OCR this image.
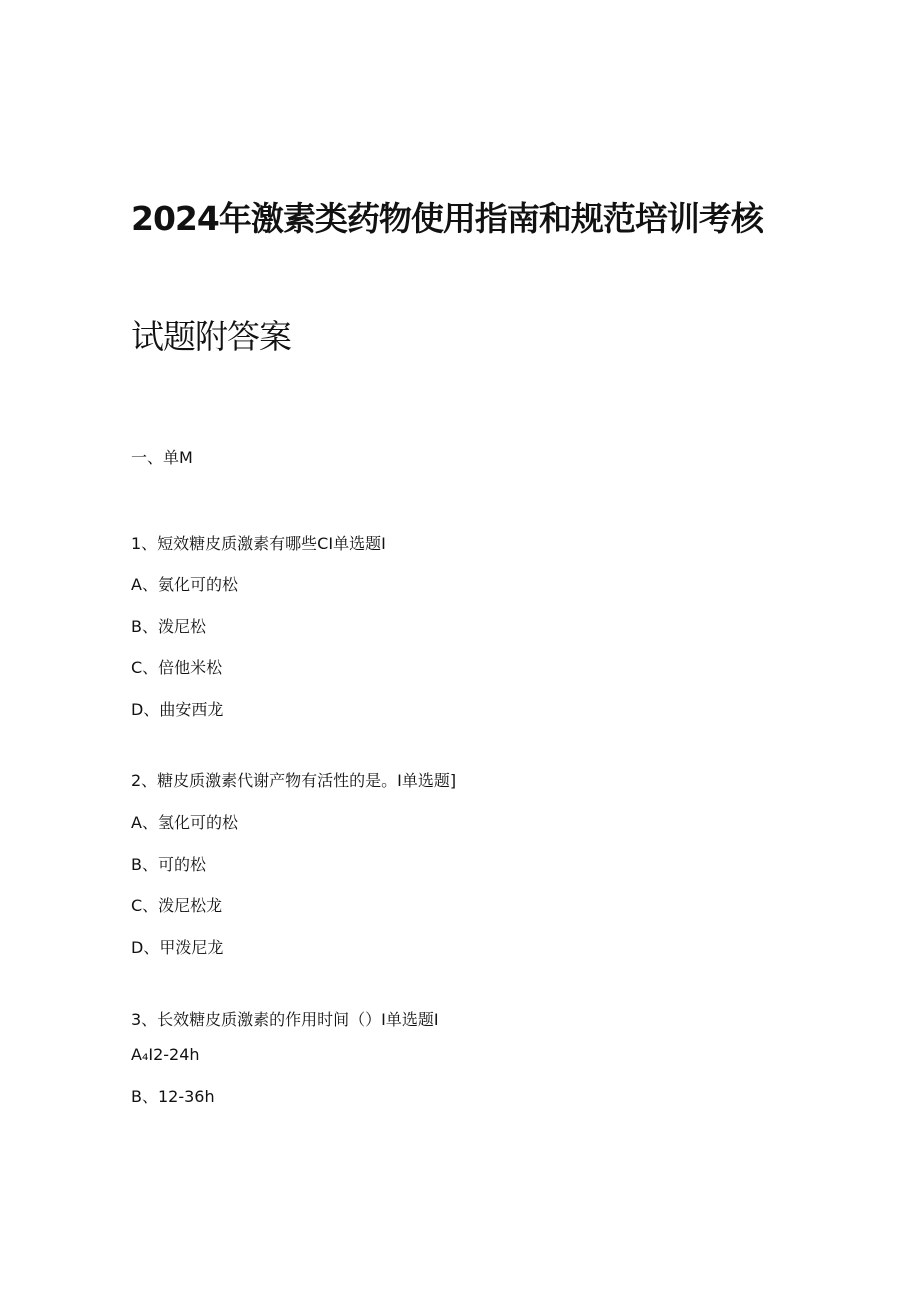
2024年激素类药物使用指南和规范培训考核
试题附答案
一、单M
1、短效糖皮质激素有哪些CI单选题I
A、氨化可的松
B、泼尼松
C、倍他米松
D、曲安西龙
2、糖皮质激素代谢产物有活性的是。I单选题]
A、氢化可的松
B、可的松
C、泼尼松龙
D、甲泼尼龙
3、长效糖皮质激素的作用时间（）I单选题I
A₄I2-24h
B、12-36h
